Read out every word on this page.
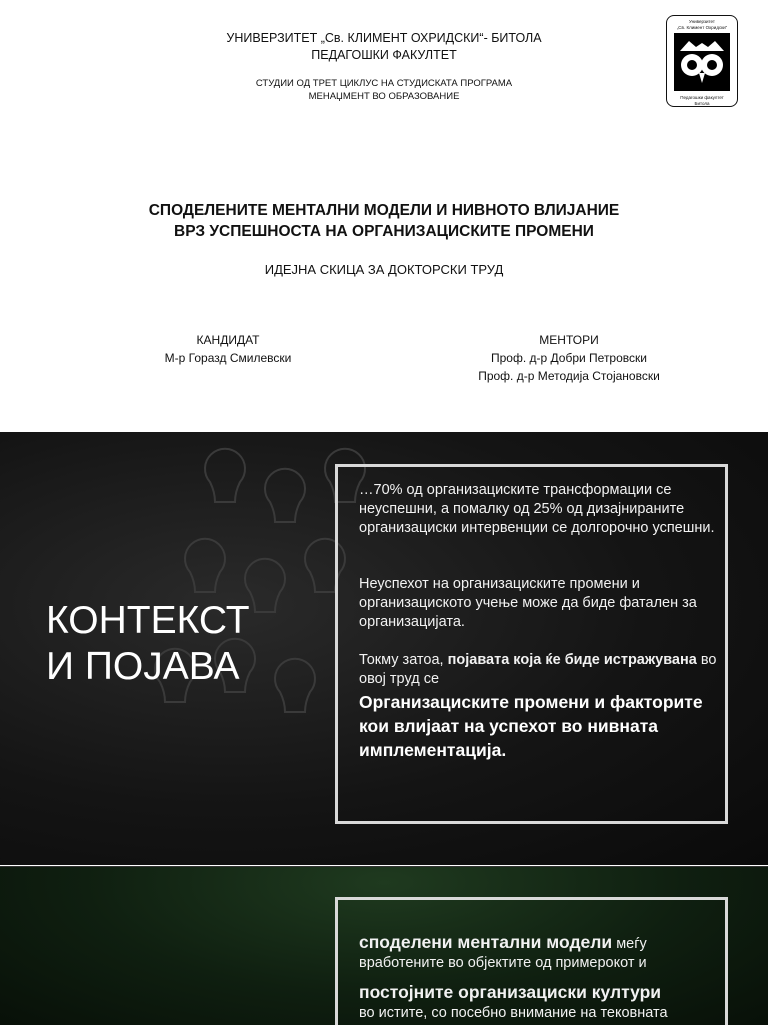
УНИВЕРЗИТЕТ „Св. КЛИМЕНТ ОХРИДСКИ“- БИТОЛА
ПЕДАГОШКИ ФАКУЛТЕТ
СТУДИИ ОД ТРЕТ ЦИКЛУС НА СТУДИСКАТА ПРОГРАМА
МЕНАЏМЕНТ ВО ОБРАЗОВАНИЕ
Универзитет
„Св. Климент Охридски“
Педагошки факултет
Битола
СПОДЕЛЕНИТЕ МЕНТАЛНИ МОДЕЛИ И НИВНОТО ВЛИЈАНИЕ
ВРЗ УСПЕШНОСТА НА ОРГАНИЗАЦИСКИТЕ ПРОМЕНИ
ИДЕЈНА СКИЦА ЗА ДОКТОРСКИ ТРУД
КАНДИДАТ
М-р Горазд Смилевски
МЕНТОРИ
Проф. д-р Добри Петровски
Проф. д-р Методија Стојановски
КОНТЕКСТ
И ПОЈАВА
…70% од организациските трансформации се неуспешни, а помалку од 25% од дизајнираните организациски интервенции се долгорочно успешни.
Неуспехот на организациските промени и организациското учење може да биде фатален за организацијата.
Токму затоа, појавата која ќе биде истражувана во овој труд се
Организациските промени и факторите кои влијаат на успехот во нивната имплементација.
споделени ментални модели меѓу
вработените во објектите од примерокот и
постојните организациски култури
во истите, со посебно внимание на тековната
